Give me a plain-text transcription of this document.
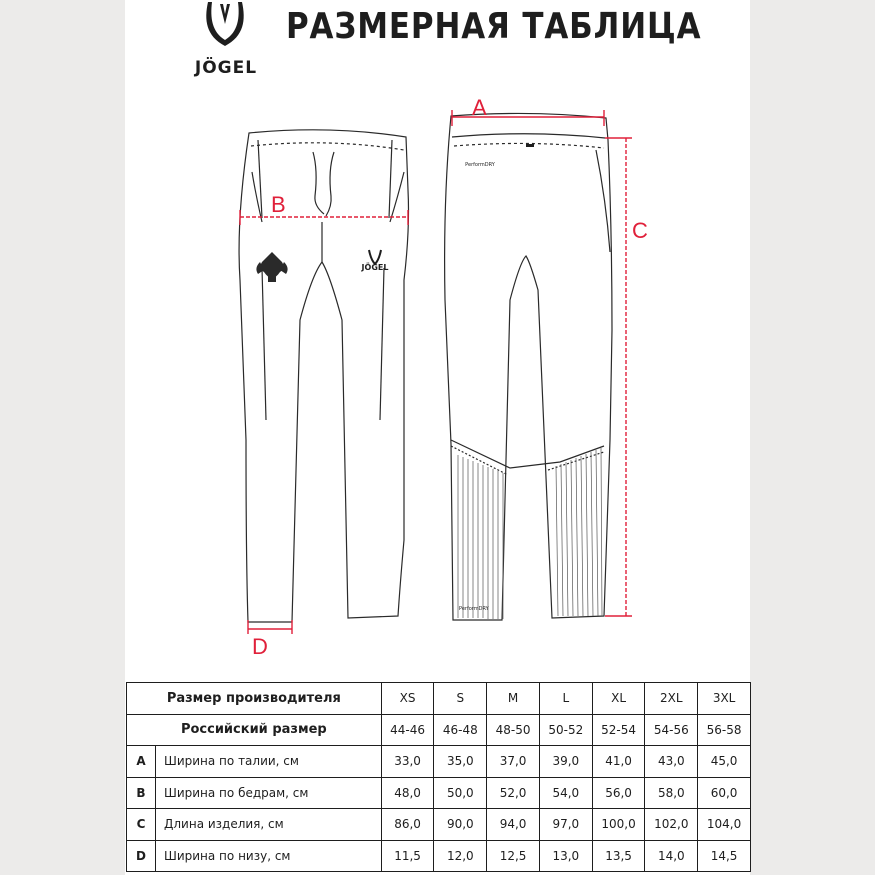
JÖGEL
РАЗМЕРНАЯ ТАБЛИЦА
JÖGEL
PerformDRY
PerformDRY
A
B
C
D
Размер производителя		XS	S	M	L	XL	2XL	3XL
Российский размер		44-46	46-48	48-50	50-52	52-54	54-56	56-58
A	Ширина по талии, см	33,0	35,0	37,0	39,0	41,0	43,0	45,0
B	Ширина по бедрам, см	48,0	50,0	52,0	54,0	56,0	58,0	60,0
C	Длина изделия, см	86,0	90,0	94,0	97,0	100,0	102,0	104,0
D	Ширина по низу, см	11,5	12,0	12,5	13,0	13,5	14,0	14,5
